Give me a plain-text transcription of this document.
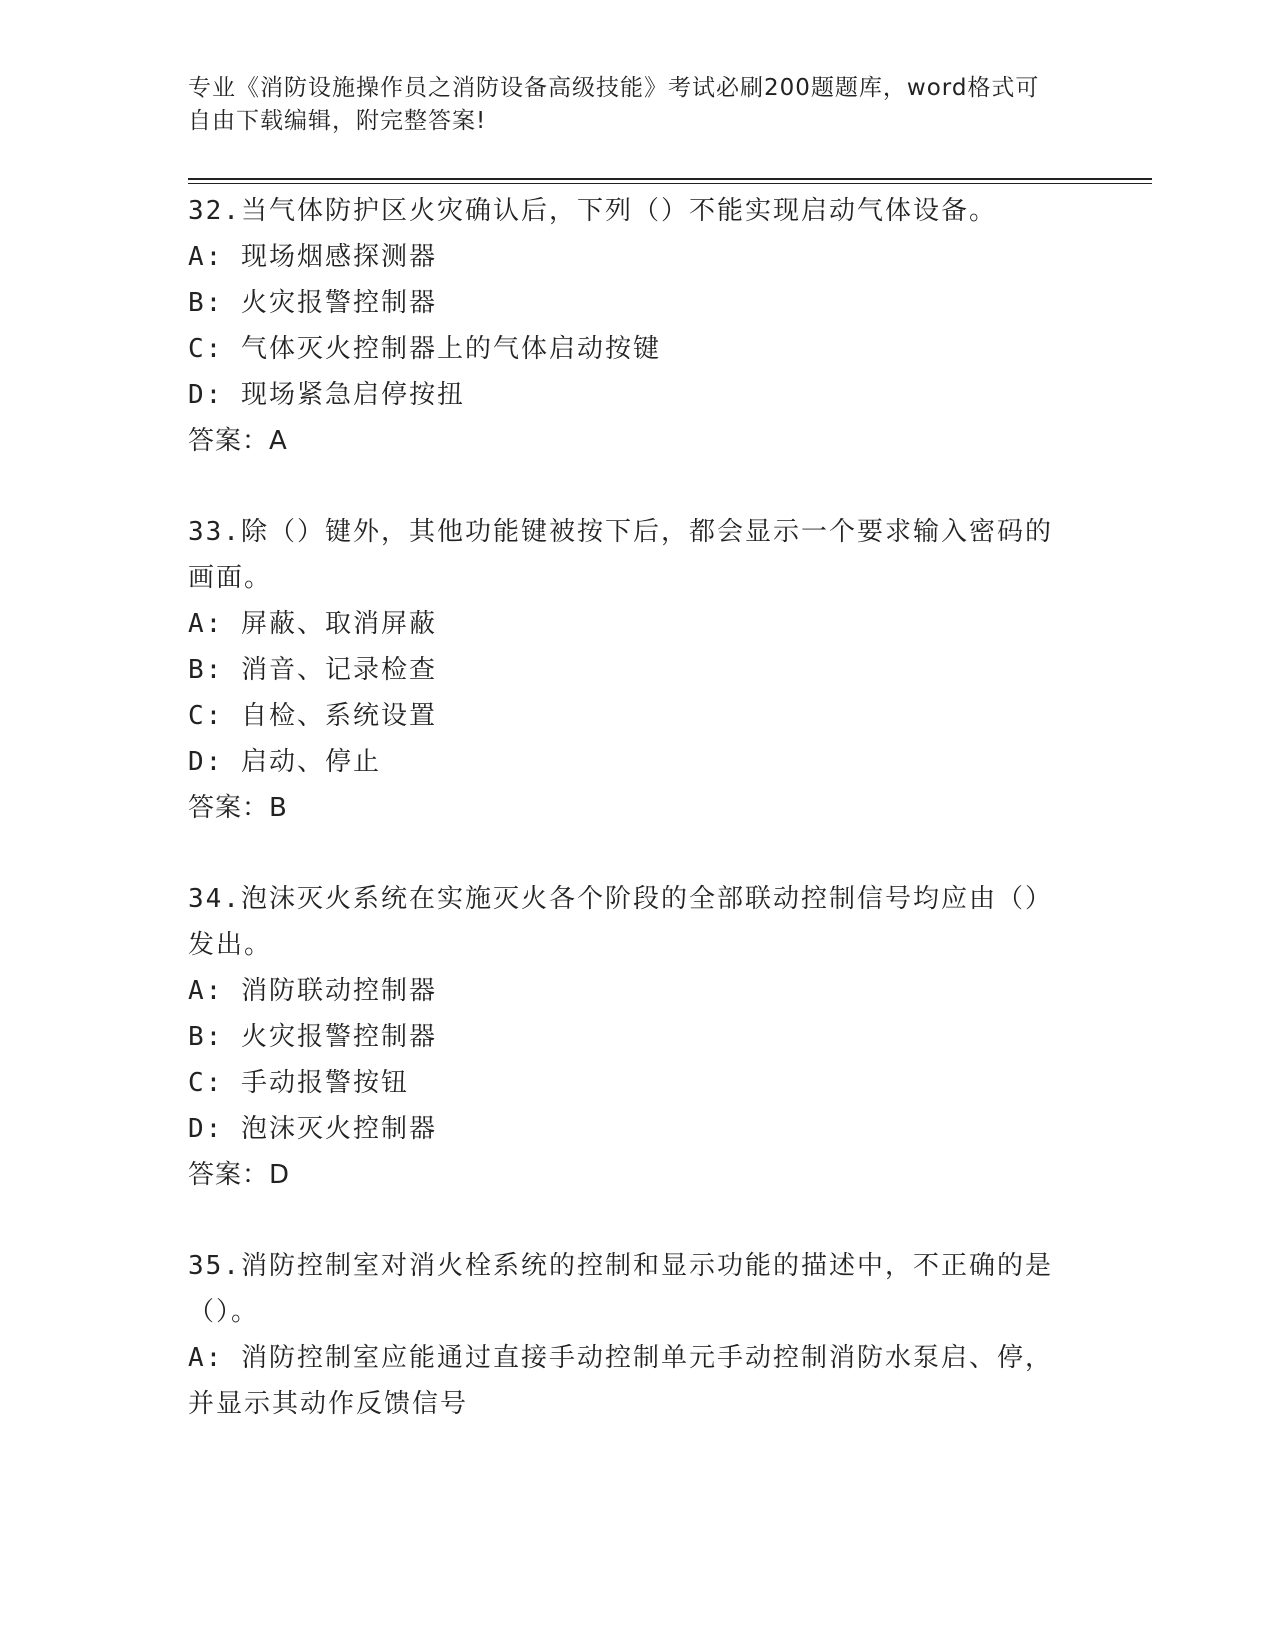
专业《消防设施操作员之消防设备高级技能》考试必刷200题题库，word格式可
自由下载编辑，附完整答案!

32.当气体防护区火灾确认后，下列（）不能实现启动气体设备。

A: 现场烟感探测器

B: 火灾报警控制器

C: 气体灭火控制器上的气体启动按键

D: 现场紧急启停按扭

答案：A

33.除（）键外，其他功能键被按下后，都会显示一个要求输入密码的

画面。

A: 屏蔽、取消屏蔽

B: 消音、记录检查

C: 自检、系统设置

D: 启动、停止

答案：B

34.泡沫灭火系统在实施灭火各个阶段的全部联动控制信号均应由（）

发出。

A: 消防联动控制器

B: 火灾报警控制器

C: 手动报警按钮

D: 泡沫灭火控制器

答案：D

35.消防控制室对消火栓系统的控制和显示功能的描述中，不正确的是

（）。

A: 消防控制室应能通过直接手动控制单元手动控制消防水泵启、停，

并显示其动作反馈信号
